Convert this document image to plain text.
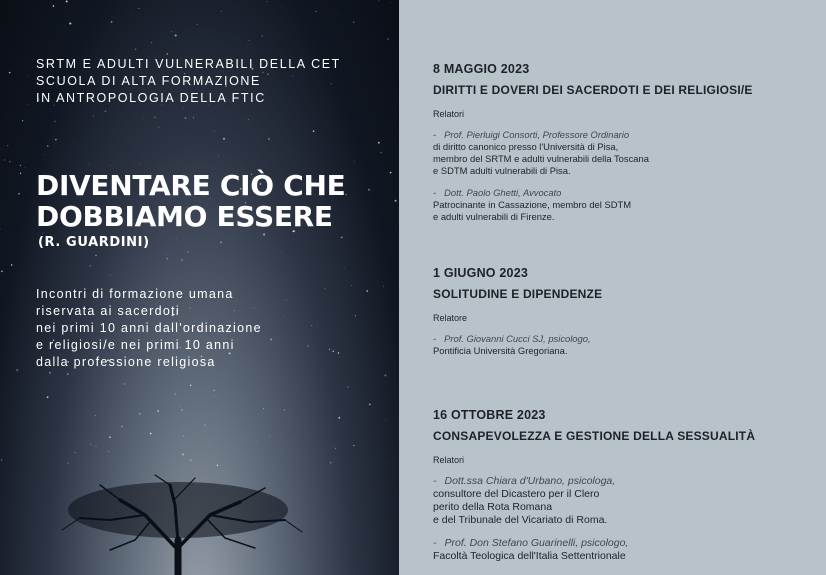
SRTM E ADULTI VULNERABILI DELLA CET
SCUOLA DI ALTA FORMAZIONE
IN ANTROPOLOGIA DELLA FTIC
DIVENTARE CIÒ CHE
DOBBIAMO ESSERE
(R. GUARDINI)
Incontri di formazione umana
riservata ai sacerdoti
nei primi 10 anni dall'ordinazione
e religiosi/e nei primi 10 anni
dalla professione religiosa
8 MAGGIO 2023
DIRITTI E DOVERI DEI SACERDOTI E DEI RELIGIOSI/E
Relatori
- Prof. Pierluigi Consorti, Professore Ordinario
di diritto canonico presso l'Università di Pisa,
membro del SRTM e adulti vulnerabili della Toscana
e SDTM adulti vulnerabili di Pisa.
- Dott. Paolo Ghetti, Avvocato
Patrocinante in Cassazione, membro del SDTM
e adulti vulnerabili di Firenze.
1 GIUGNO 2023
SOLITUDINE E DIPENDENZE
Relatore
- Prof. Giovanni Cucci SJ, psicologo,
Pontificia Università Gregoriana.
16 OTTOBRE 2023
CONSAPEVOLEZZA E GESTIONE DELLA SESSUALITÀ
Relatori
- Dott.ssa Chiara d'Urbano, psicologa,
consultore del Dicastero per il Clero
perito della Rota Romana
e del Tribunale del Vicariato di Roma.
- Prof. Don Stefano Guarinelli, psicologo,
Facoltà Teologica dell'Italia Settentrionale
